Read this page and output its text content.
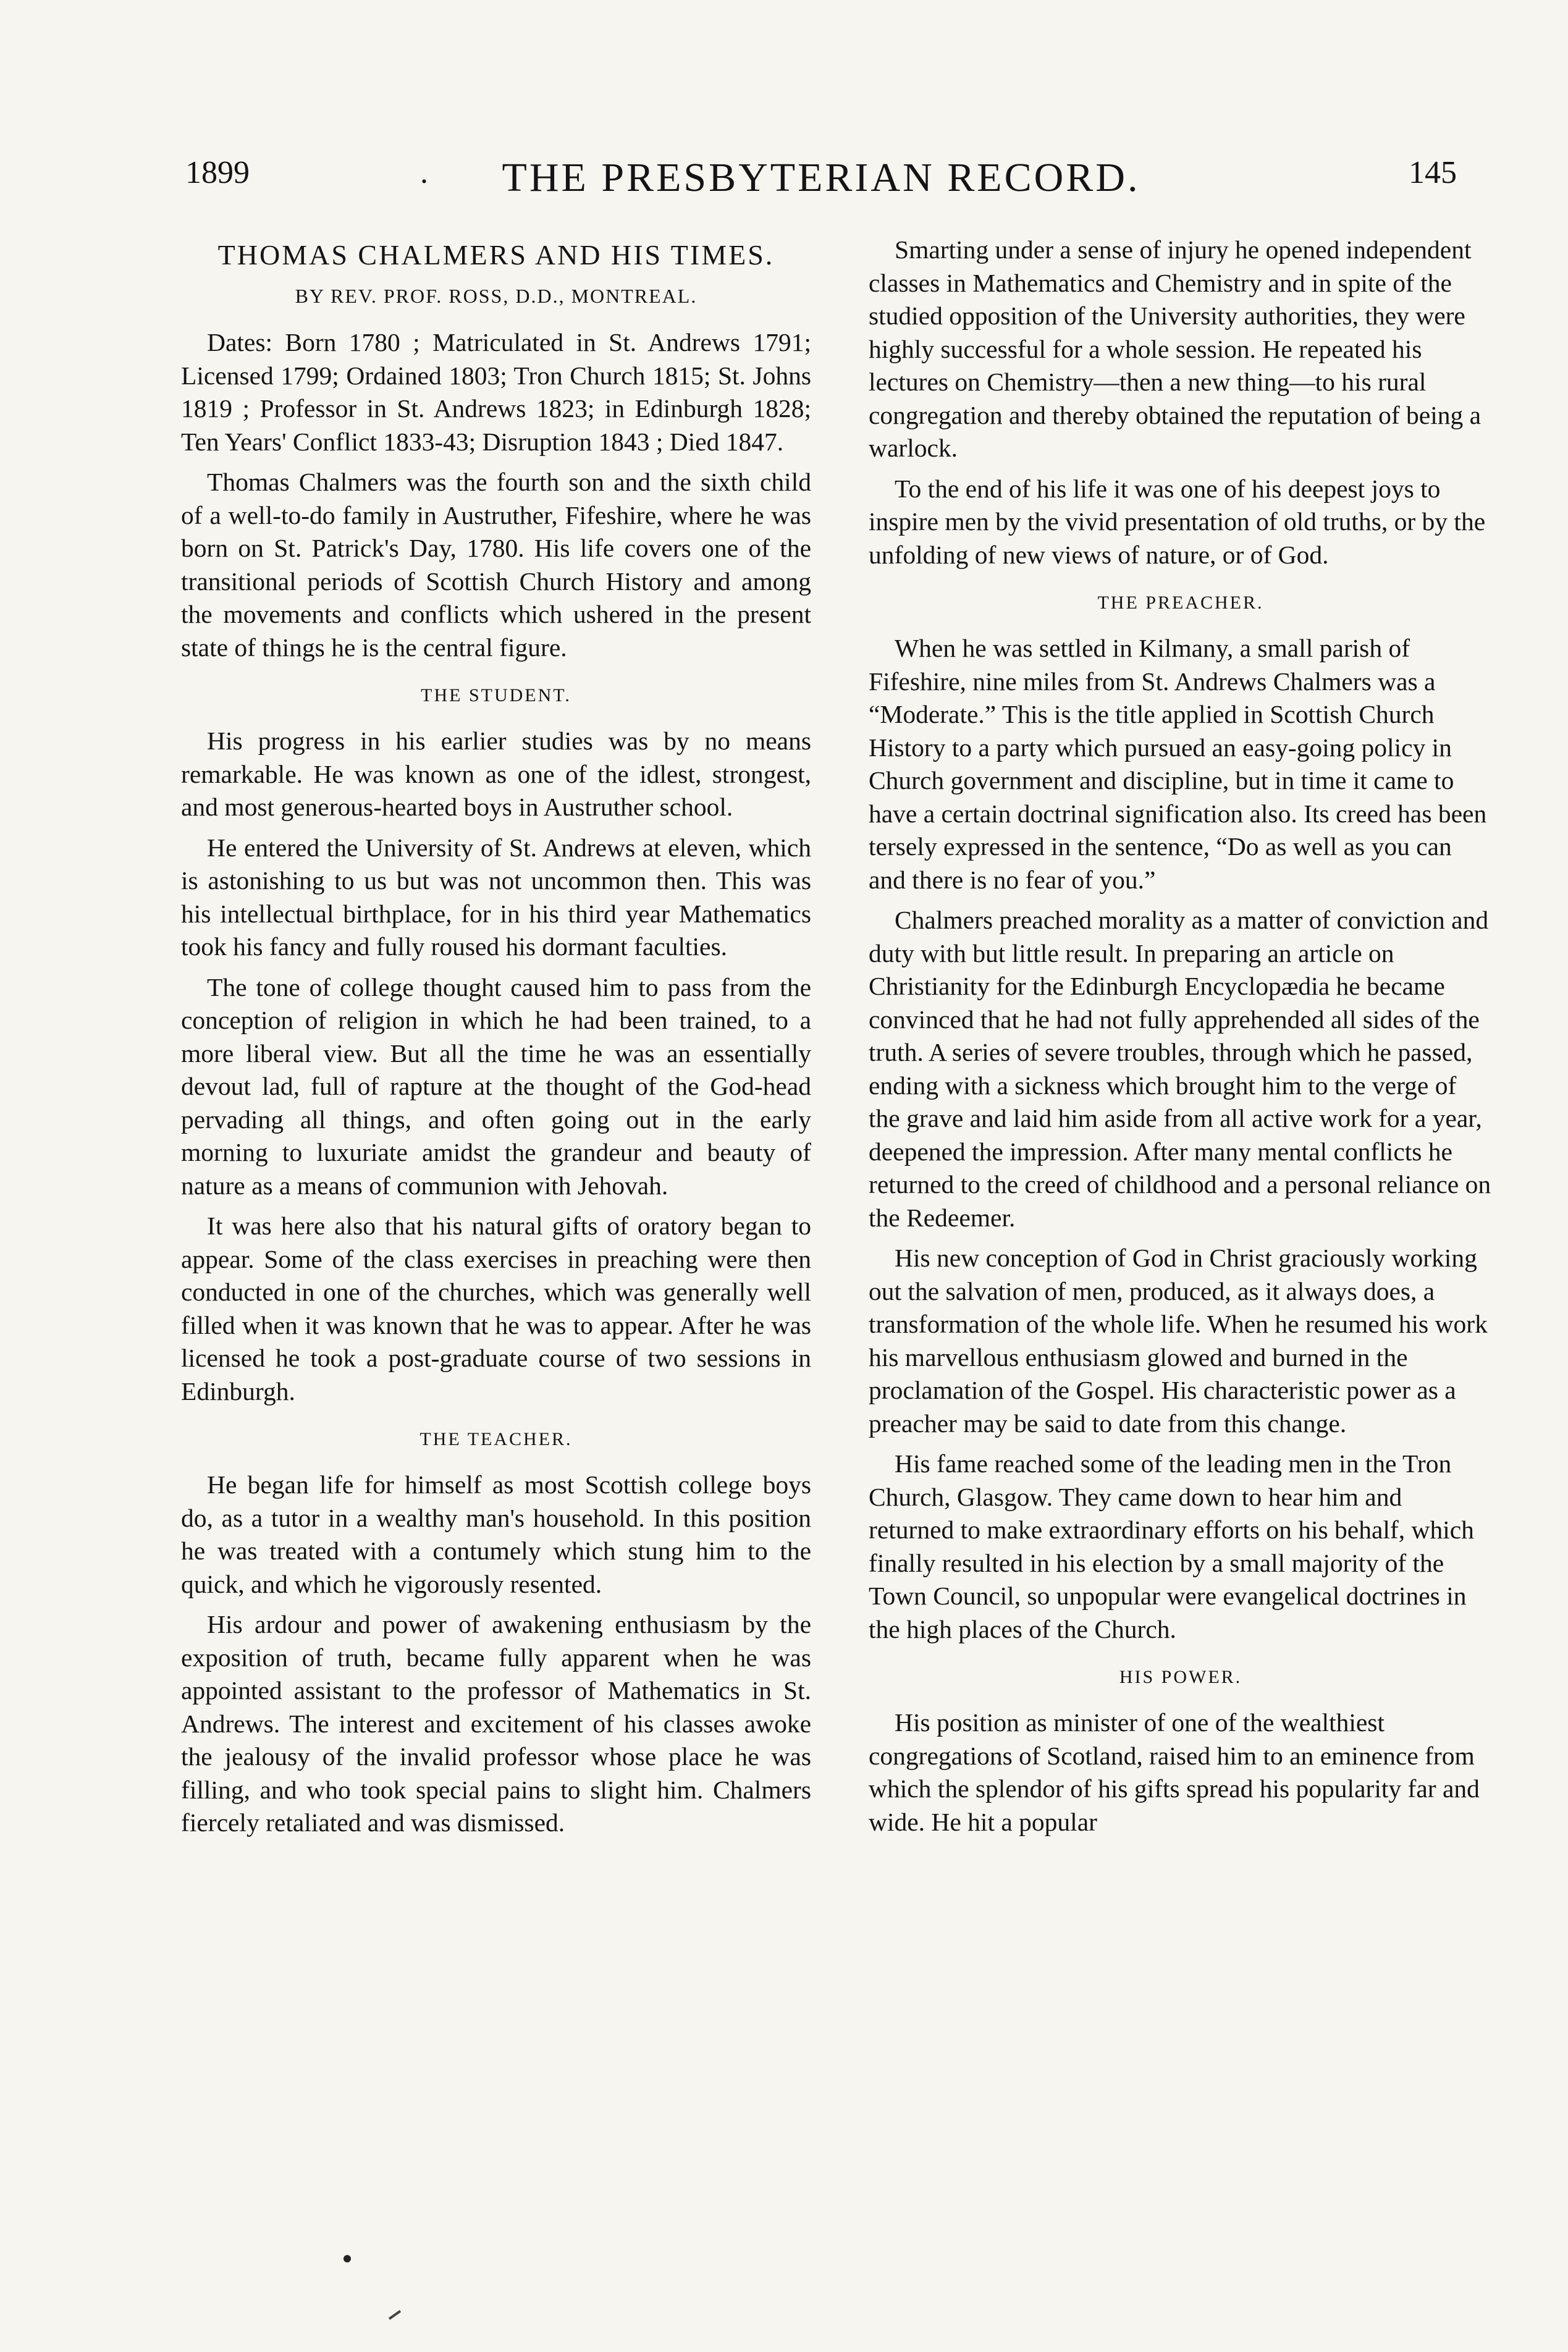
1899	.	THE PRESBYTERIAN RECORD.	145
THOMAS CHALMERS AND HIS TIMES.
BY REV. PROF. ROSS, D.D., MONTREAL.

Dates: Born 1780 ; Matriculated in St. Andrews 1791; Licensed 1799; Ordained 1803; Tron Church 1815; St. Johns 1819 ; Professor in St. Andrews 1823; in Edinburgh 1828; Ten Years' Conflict 1833-43; Disruption 1843 ; Died 1847.

Thomas Chalmers was the fourth son and the sixth child of a well-to-do family in Austruther, Fifeshire, where he was born on St. Patrick's Day, 1780. His life covers one of the transitional periods of Scottish Church History and among the movements and conflicts which ushered in the present state of things he is the central figure.

THE STUDENT.

His progress in his earlier studies was by no means remarkable. He was known as one of the idlest, strongest, and most generous-hearted boys in Austruther school.

He entered the University of St. Andrews at eleven, which is astonishing to us but was not uncommon then. This was his intellectual birthplace, for in his third year Mathematics took his fancy and fully roused his dormant faculties.

The tone of college thought caused him to pass from the conception of religion in which he had been trained, to a more liberal view. But all the time he was an essentially devout lad, full of rapture at the thought of the God-head pervading all things, and often going out in the early morning to luxuriate amidst the grandeur and beauty of nature as a means of communion with Jehovah.

It was here also that his natural gifts of oratory began to appear. Some of the class exercises in preaching were then conducted in one of the churches, which was generally well filled when it was known that he was to appear. After he was licensed he took a post-graduate course of two sessions in Edinburgh.

THE TEACHER.

He began life for himself as most Scottish college boys do, as a tutor in a wealthy man's household. In this position he was treated with a contumely which stung him to the quick, and which he vigorously resented.

His ardour and power of awakening enthusiasm by the exposition of truth, became fully apparent when he was appointed assistant to the professor of Mathematics in St. Andrews. The interest and excitement of his classes awoke the jealousy of the invalid professor whose place he was filling, and who took special pains to slight him. Chalmers fiercely retaliated and was dismissed.

Smarting under a sense of injury he opened independent classes in Mathematics and Chemistry and in spite of the studied opposition of the University authorities, they were highly successful for a whole session. He repeated his lectures on Chemistry—then a new thing—to his rural congregation and thereby obtained the reputation of being a warlock.

To the end of his life it was one of his deepest joys to inspire men by the vivid presentation of old truths, or by the unfolding of new views of nature, or of God.

THE PREACHER.

When he was settled in Kilmany, a small parish of Fifeshire, nine miles from St. Andrews Chalmers was a “Moderate.” This is the title applied in Scottish Church History to a party which pursued an easy-going policy in Church government and discipline, but in time it came to have a certain doctrinal signification also. Its creed has been tersely expressed in the sentence, “Do as well as you can and there is no fear of you.”

Chalmers preached morality as a matter of conviction and duty with but little result. In preparing an article on Christianity for the Edinburgh Encyclopædia he became convinced that he had not fully apprehended all sides of the truth. A series of severe troubles, through which he passed, ending with a sickness which brought him to the verge of the grave and laid him aside from all active work for a year, deepened the impression. After many mental conflicts he returned to the creed of childhood and a personal reliance on the Redeemer.

His new conception of God in Christ graciously working out the salvation of men, produced, as it always does, a transformation of the whole life. When he resumed his work his marvellous enthusiasm glowed and burned in the proclamation of the Gospel. His characteristic power as a preacher may be said to date from this change.

His fame reached some of the leading men in the Tron Church, Glasgow. They came down to hear him and returned to make extraordinary efforts on his behalf, which finally resulted in his election by a small majority of the Town Council, so unpopular were evangelical doctrines in the high places of the Church.

HIS POWER.

His position as minister of one of the wealthiest congregations of Scotland, raised him to an eminence from which the splendor of his gifts spread his popularity far and wide. He hit a popular
